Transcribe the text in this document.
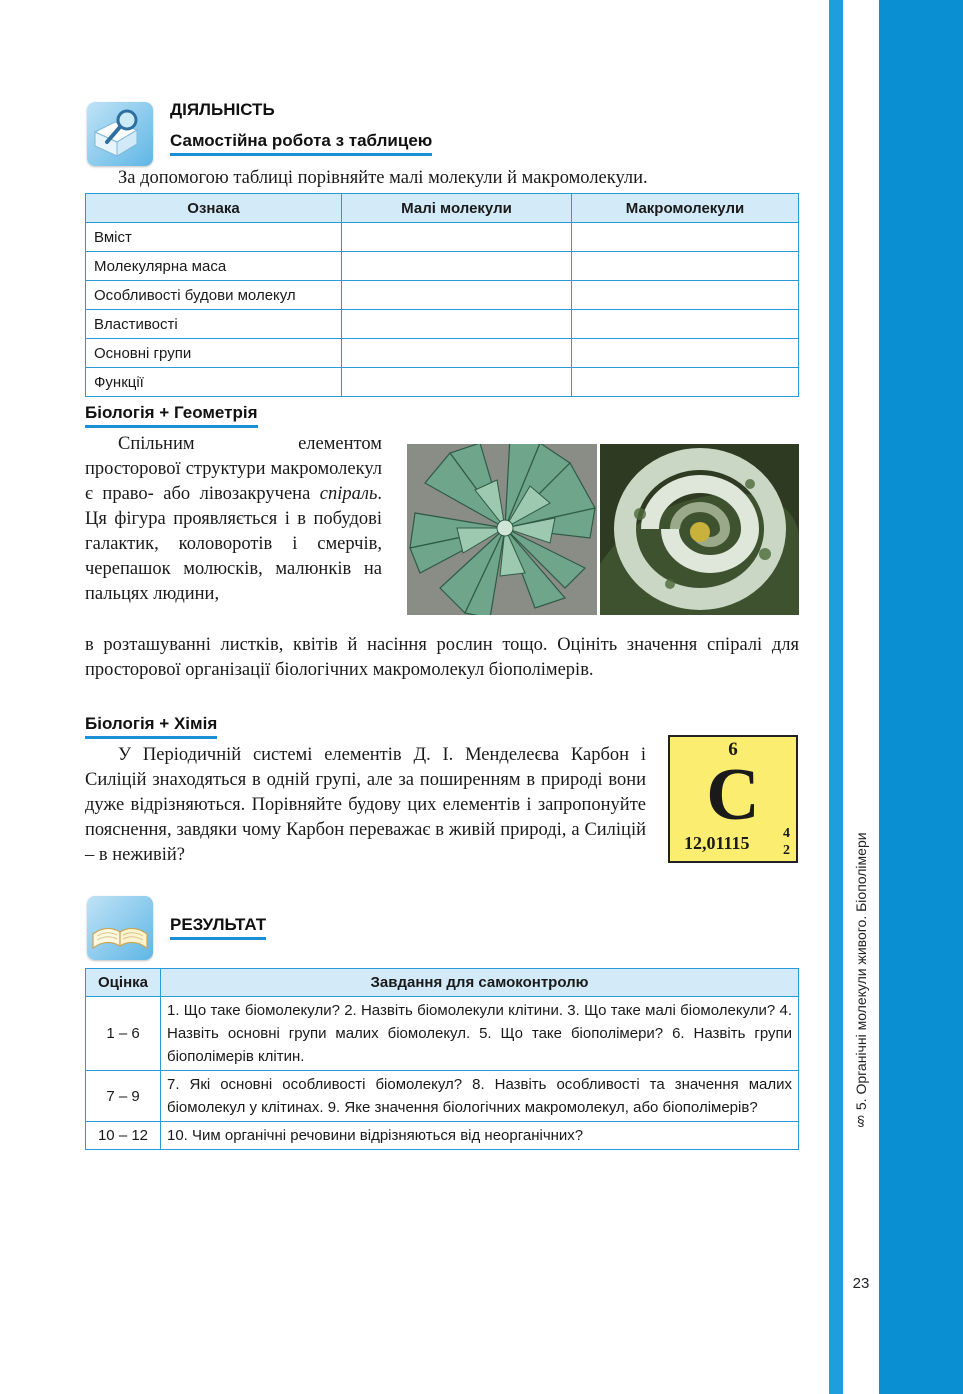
§ 5. Органічні молекули живого. Біополімери
23
ДІЯЛЬНІСТЬ
Самостійна робота з таблицею
За допомогою таблиці порівняйте малі молекули й макромолекули.
Ознака	Малі молекули	Макромолекули
Вміст		
Молекулярна маса		
Особливості будови молекул		
Властивості		
Основні групи		
Функції		
Біологія + Геометрія
Спільним елементом просторової структури макромолекул є право- або лівозакручена спіраль. Ця фігура проявляється і в побудові галактик, коловоротів і смерчів, черепашок молюсків, малюнків на пальцях людини,
в розташуванні листків, квітів й насіння рослин тощо. Оцініть значення спіралі для просторової організації біологічних макромолекул біополімерів.
Біологія + Хімія
У Періодичній системі елементів Д. І. Менделеєва Карбон і Силіцій знаходяться в одній групі, але за поширенням в природі вони дуже відрізняються. Порівняйте будову цих елементів і запропонуйте пояснення, завдяки чому Карбон переважає в живій природі, а Силіцій – в неживій?
6
C
12,01115 4
2
РЕЗУЛЬТАТ
Оцінка	Завдання для самоконтролю
1 – 6	1. Що таке біомолекули? 2. Назвіть біомолекули клітини. 3. Що таке малі біомолекули? 4. Назвіть основні групи малих біомолекул. 5. Що таке біополімери? 6. Назвіть групи біополімерів клітин.
7 – 9	7. Які основні особливості біомолекул? 8. Назвіть особливості та значення малих біомолекул у клітинах. 9. Яке значення біологічних макромолекул, або біополімерів?
10 – 12	10. Чим органічні речовини відрізняються від неорганічних?
